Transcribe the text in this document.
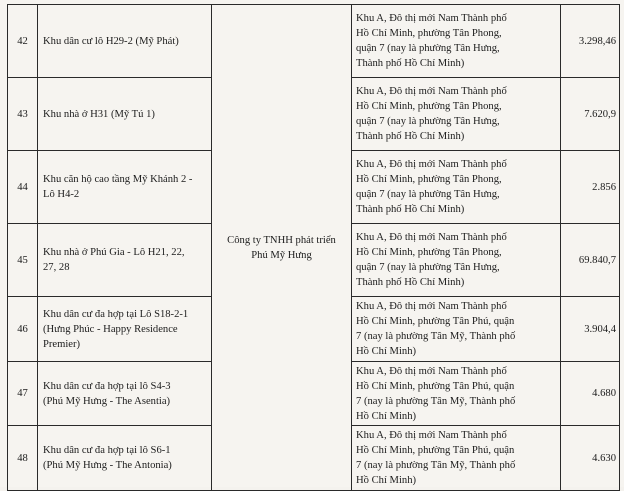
42	Khu dân cư lô H29-2 (Mỹ Phát)	Công ty TNHH phát triển Phú Mỹ Hưng	Khu A, Đô thị mới Nam Thành phố
Hồ Chí Minh, phường Tân Phong,
quận 7 (nay là phường Tân Hưng,
Thành phố Hồ Chí Minh)	3.298,46
43	Khu nhà ở H31 (Mỹ Tú 1)		Khu A, Đô thị mới Nam Thành phố
Hồ Chí Minh, phường Tân Phong,
quận 7 (nay là phường Tân Hưng,
Thành phố Hồ Chí Minh)	7.620,9
44	Khu căn hộ cao tầng Mỹ Khánh 2 -
Lô H4-2		Khu A, Đô thị mới Nam Thành phố
Hồ Chí Minh, phường Tân Phong,
quận 7 (nay là phường Tân Hưng,
Thành phố Hồ Chí Minh)	2.856
45	Khu nhà ở Phú Gia - Lô H21, 22,
27, 28		Khu A, Đô thị mới Nam Thành phố
Hồ Chí Minh, phường Tân Phong,
quận 7 (nay là phường Tân Hưng,
Thành phố Hồ Chí Minh)	69.840,7
46	Khu dân cư đa hợp tại Lô S18-2-1
(Hưng Phúc - Happy Residence
Premier)		Khu A, Đô thị mới Nam Thành phố
Hồ Chí Minh, phường Tân Phú, quận
7 (nay là phường Tân Mỹ, Thành phố
Hồ Chí Minh)	3.904,4
47	Khu dân cư đa hợp tại lô S4-3
(Phú Mỹ Hưng - The Asentia)		Khu A, Đô thị mới Nam Thành phố
Hồ Chí Minh, phường Tân Phú, quận
7 (nay là phường Tân Mỹ, Thành phố
Hồ Chí Minh)	4.680
48	Khu dân cư đa hợp tại lô S6-1
(Phú Mỹ Hưng - The Antonia)		Khu A, Đô thị mới Nam Thành phố
Hồ Chí Minh, phường Tân Phú, quận
7 (nay là phường Tân Mỹ, Thành phố
Hồ Chí Minh)	4.630
